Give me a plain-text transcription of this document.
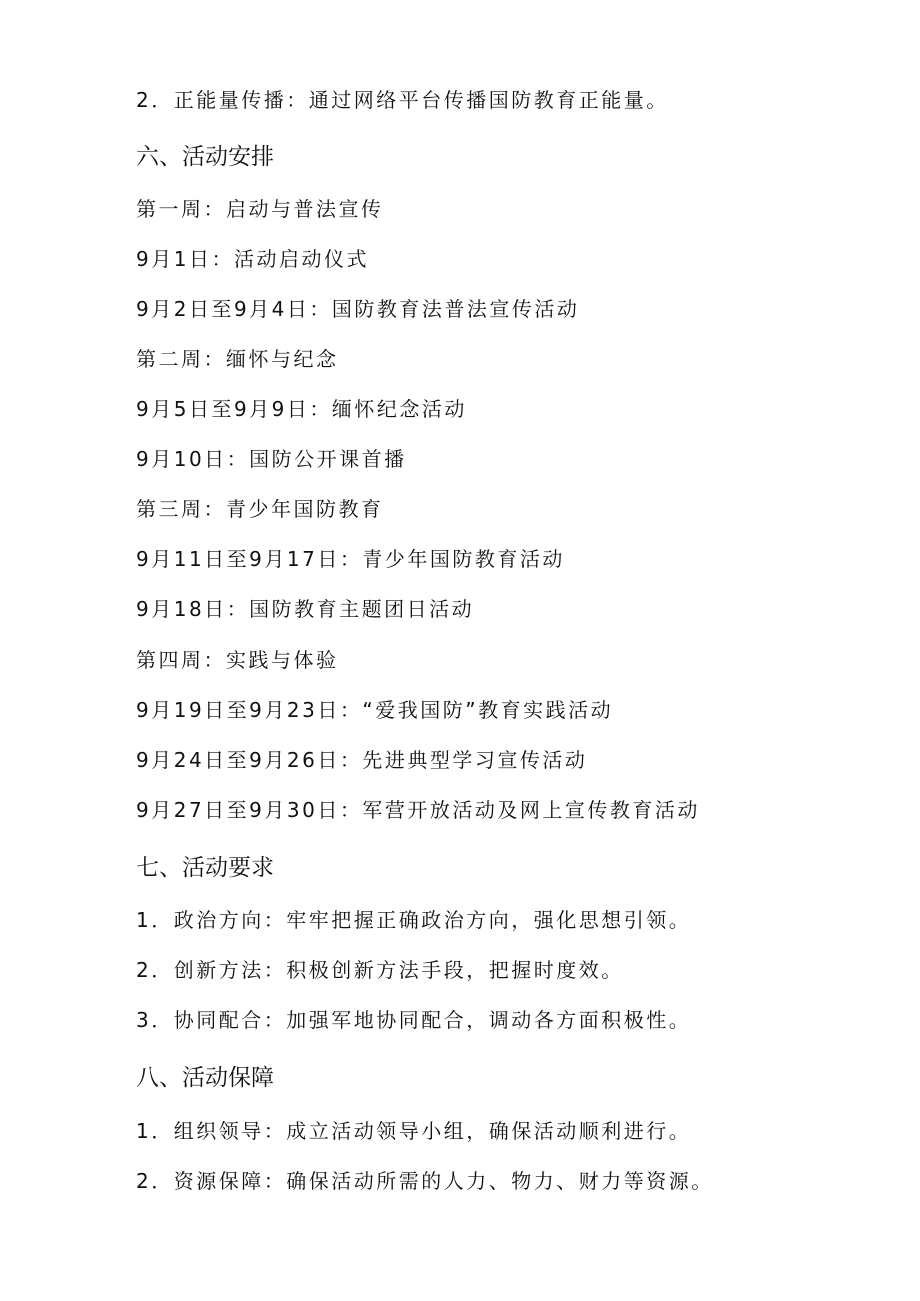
2．正能量传播：通过网络平台传播国防教育正能量。
六、活动安排
第一周：启动与普法宣传
9月1日：活动启动仪式
9月2日至9月4日：国防教育法普法宣传活动
第二周：缅怀与纪念
9月5日至9月9日：缅怀纪念活动
9月10日：国防公开课首播
第三周：青少年国防教育
9月11日至9月17日：青少年国防教育活动
9月18日：国防教育主题团日活动
第四周：实践与体验
9月19日至9月23日：“爱我国防”教育实践活动
9月24日至9月26日：先进典型学习宣传活动
9月27日至9月30日：军营开放活动及网上宣传教育活动
七、活动要求
1．政治方向：牢牢把握正确政治方向，强化思想引领。
2．创新方法：积极创新方法手段，把握时度效。
3．协同配合：加强军地协同配合，调动各方面积极性。
八、活动保障
1．组织领导：成立活动领导小组，确保活动顺利进行。
2．资源保障：确保活动所需的人力、物力、财力等资源。
